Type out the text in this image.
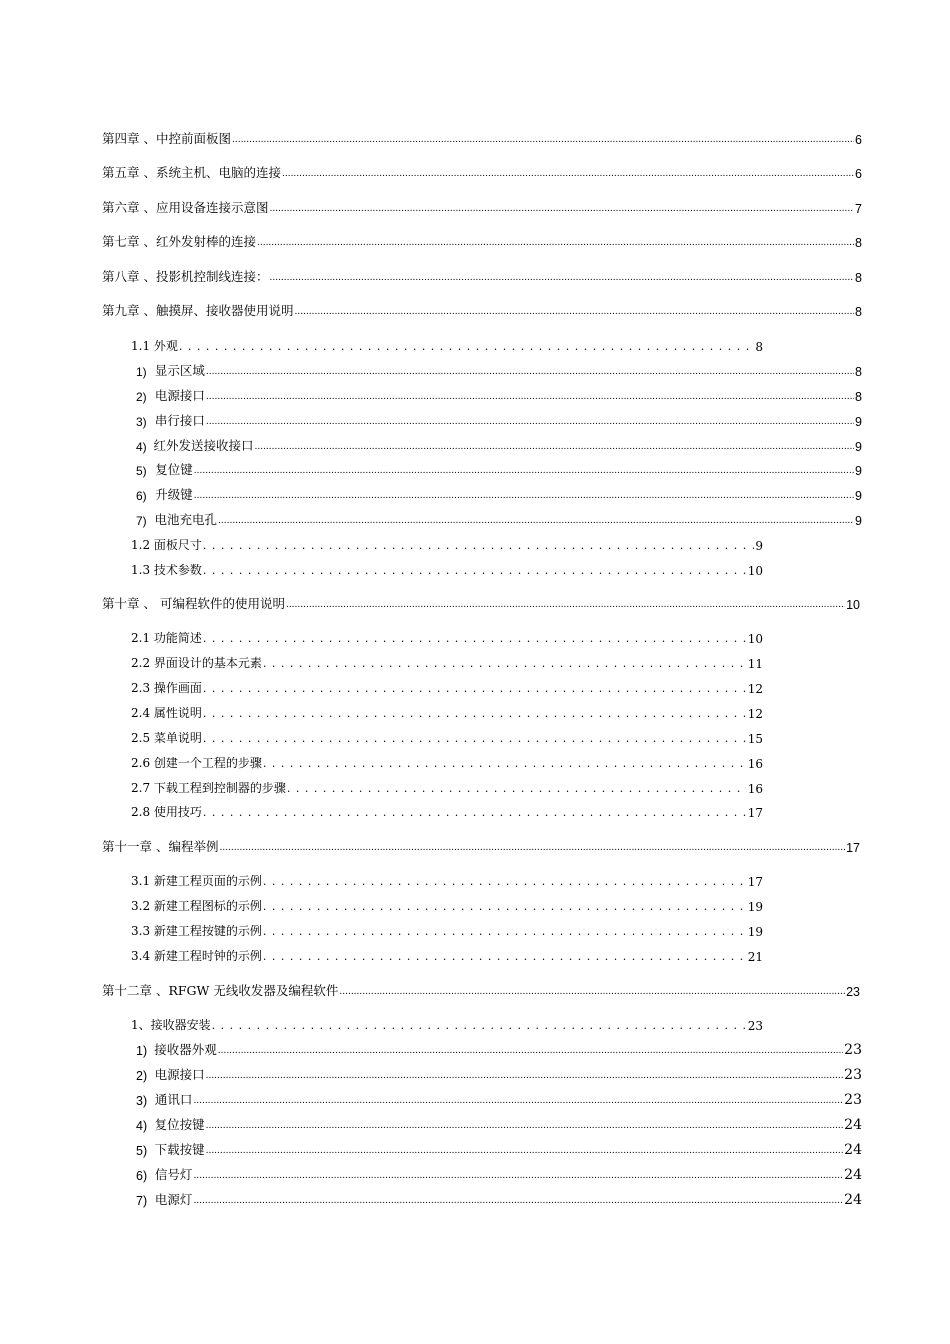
第四章 、中控前面板图 .....	6
第五章 、系统主机、电脑的连接 .....	6
第六章 、应用设备连接示意图 .....	7
第七章 、红外发射棒的连接 .....	8
第八章 、投影机控制线连接： .....	8
第九章 、触摸屏、接收器使用说明 .....	8
1.1 外观 .....	8
1) 显示区域 .....	8
2) 电源接口 .....	8
3) 串行接口 .....	9
4) 红外发送接收接口 .....	9
5) 复位键 .....	9
6) 升级键 .....	9
7) 电池充电孔 .....	9
1.2 面板尺寸 .....	9
1.3 技术参数 .....	10
第十章 、 可编程软件的使用说明 .....	10
2.1 功能简述 .....	10
2.2 界面设计的基本元素 .....	11
2.3 操作画面 .....	12
2.4 属性说明 .....	12
2.5 菜单说明 .....	15
2.6 创建一个工程的步骤 .....	16
2.7 下载工程到控制器的步骤 .....	16
2.8 使用技巧 .....	17
第十一章 、编程举例 .....	17
3.1 新建工程页面的示例 .....	17
3.2 新建工程图标的示例 .....	19
3.3 新建工程按键的示例 .....	19
3.4 新建工程时钟的示例 .....	21
第十二章 、RFGW 无线收发器及编程软件 .....	23
1、接收器安装 .....	23
1) 接收器外观 .....	23
2) 电源接口 .....	23
3) 通讯口 .....	23
4) 复位按键 .....	24
5) 下载按键 .....	24
6) 信号灯 .....	24
7) 电源灯 .....	24
